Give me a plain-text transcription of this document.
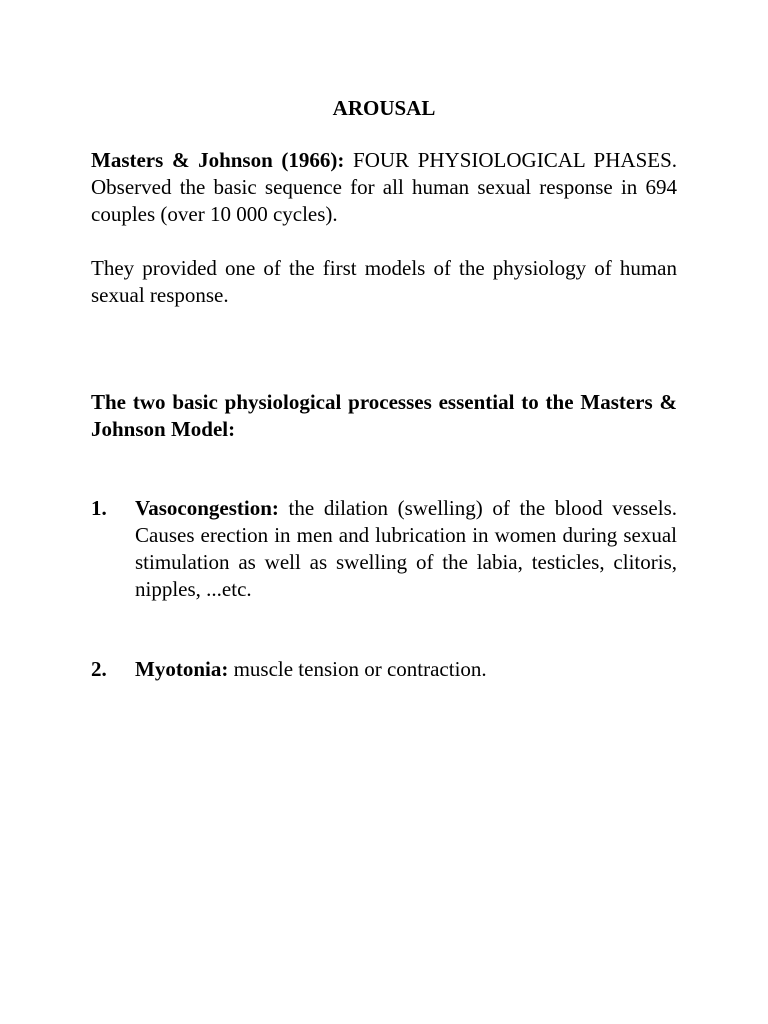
AROUSAL

Masters & Johnson (1966): FOUR PHYSIOLOGICAL PHASES. Observed the basic sequence for all human sexual response in 694 couples (over 10 000 cycles).

They provided one of the first models of the physiology of human sexual response.

The two basic physiological processes essential to the Masters & Johnson Model:

1. Vasocongestion: the dilation (swelling) of the blood vessels. Causes erection in men and lubrication in women during sexual stimulation as well as swelling of the labia, testicles, clitoris, nipples, ...etc.

2. Myotonia: muscle tension or contraction.
